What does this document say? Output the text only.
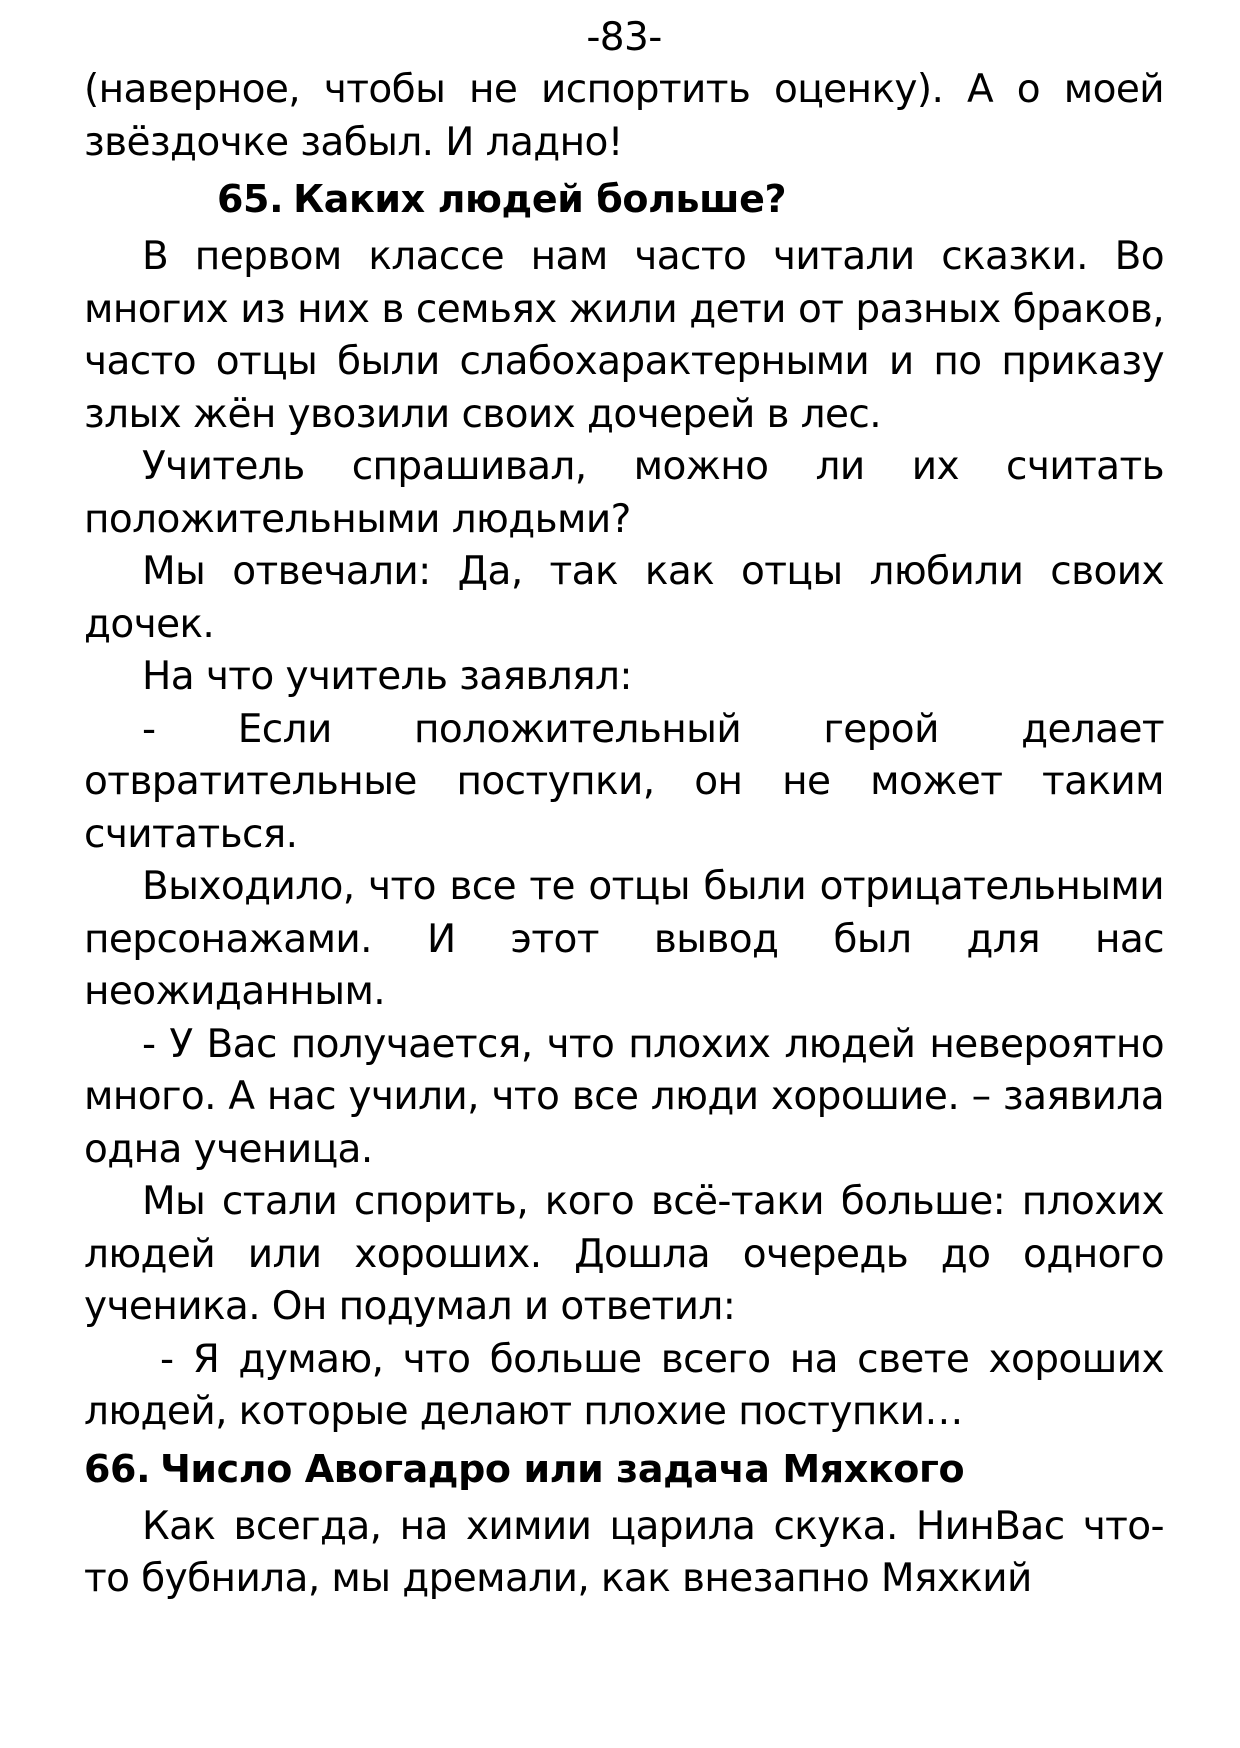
-83-

(наверное, чтобы не испортить оценку). А о моей звёздочке забыл. И ладно!

65. Каких людей больше?

В первом классе нам часто читали сказки. Во многих из них в семьях жили дети от разных браков, часто отцы были слабохарактерными и по приказу злых жён увозили своих дочерей в лес.

Учитель спрашивал, можно ли их считать положительными людьми?

Мы отвечали: Да, так как отцы любили своих дочек.

На что учитель заявлял:

- Если положительный герой делает отвратительные поступки, он не может таким считаться.

Выходило, что все те отцы были отрицательными персонажами. И этот вывод был для нас неожиданным.

- У Вас получается, что плохих людей невероятно много. А нас учили, что все люди хорошие. – заявила одна ученица.

Мы стали спорить, кого всё-таки больше: плохих людей или хороших. Дошла очередь до одного ученика. Он подумал и ответил:

- Я думаю, что больше всего на свете хороших людей, которые делают плохие поступки…

66. Число Авогадро или задача Мяхкого

Как всегда, на химии царила скука. НинВас что-то бубнила, мы дремали, как внезапно Мяхкий
